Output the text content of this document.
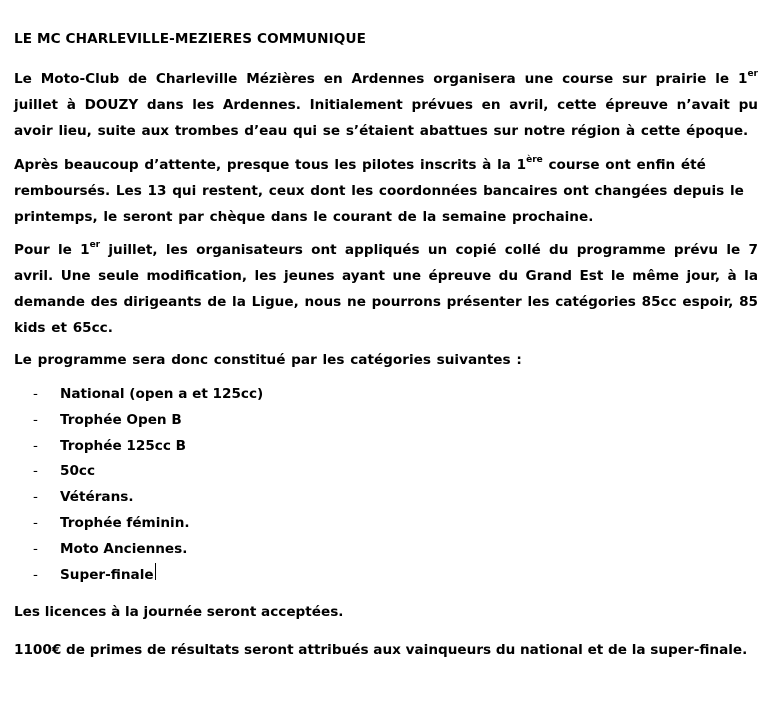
LE MC CHARLEVILLE-MEZIERES COMMUNIQUE

Le Moto-Club de Charleville Mézières en Ardennes organisera une course sur prairie le 1er juillet à DOUZY dans les Ardennes. Initialement prévues en avril, cette épreuve n’avait pu avoir lieu, suite aux trombes d’eau qui se s’étaient abattues sur notre région à cette époque.

Après beaucoup d’attente, presque tous les pilotes inscrits à la 1ère course ont enfin été remboursés. Les 13 qui restent, ceux dont les coordonnées bancaires ont changées depuis le printemps, le seront par chèque dans le courant de la semaine prochaine.

Pour le 1er juillet, les organisateurs ont appliqués un copié collé du programme prévu le 7 avril. Une seule modification, les jeunes ayant une épreuve du Grand Est le même jour, à la demande des dirigeants de la Ligue, nous ne pourrons présenter les catégories 85cc espoir, 85 kids et 65cc.

Le programme sera donc constitué par les catégories suivantes :

-	National (open a et 125cc)
-	Trophée Open B
-	Trophée 125cc B
-	50cc
-	Vétérans.
-	Trophée féminin.
-	Moto Anciennes.
-	Super-finale

Les licences à la journée seront acceptées.

1100€ de primes de résultats seront attribués aux vainqueurs du national et de la super-finale.
